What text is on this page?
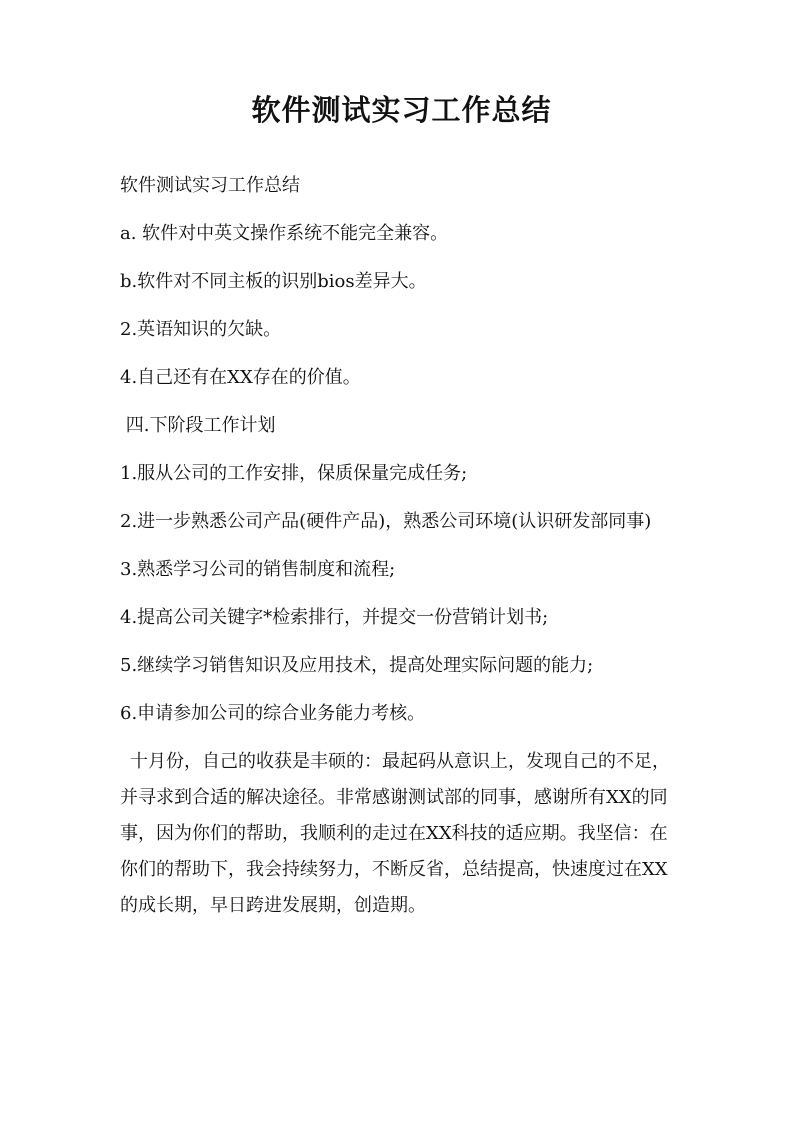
软件测试实习工作总结

软件测试实习工作总结

a. 软件对中英文操作系统不能完全兼容。

b.软件对不同主板的识别bios差异大。

2.英语知识的欠缺。

4.自己还有在XX存在的价值。

四.下阶段工作计划

1.服从公司的工作安排，保质保量完成任务;

2.进一步熟悉公司产品(硬件产品)，熟悉公司环境(认识研发部同事)

3.熟悉学习公司的销售制度和流程;

4.提高公司关键字*检索排行，并提交一份营销计划书;

5.继续学习销售知识及应用技术，提高处理实际问题的能力;

6.申请参加公司的综合业务能力考核。

十月份，自己的收获是丰硕的：最起码从意识上，发现自己的不足，并寻求到合适的解决途径。非常感谢测试部的同事，感谢所有XX的同事，因为你们的帮助，我顺利的走过在XX科技的适应期。我坚信：在你们的帮助下，我会持续努力，不断反省，总结提高，快速度过在XX的成长期，早日跨进发展期，创造期。
